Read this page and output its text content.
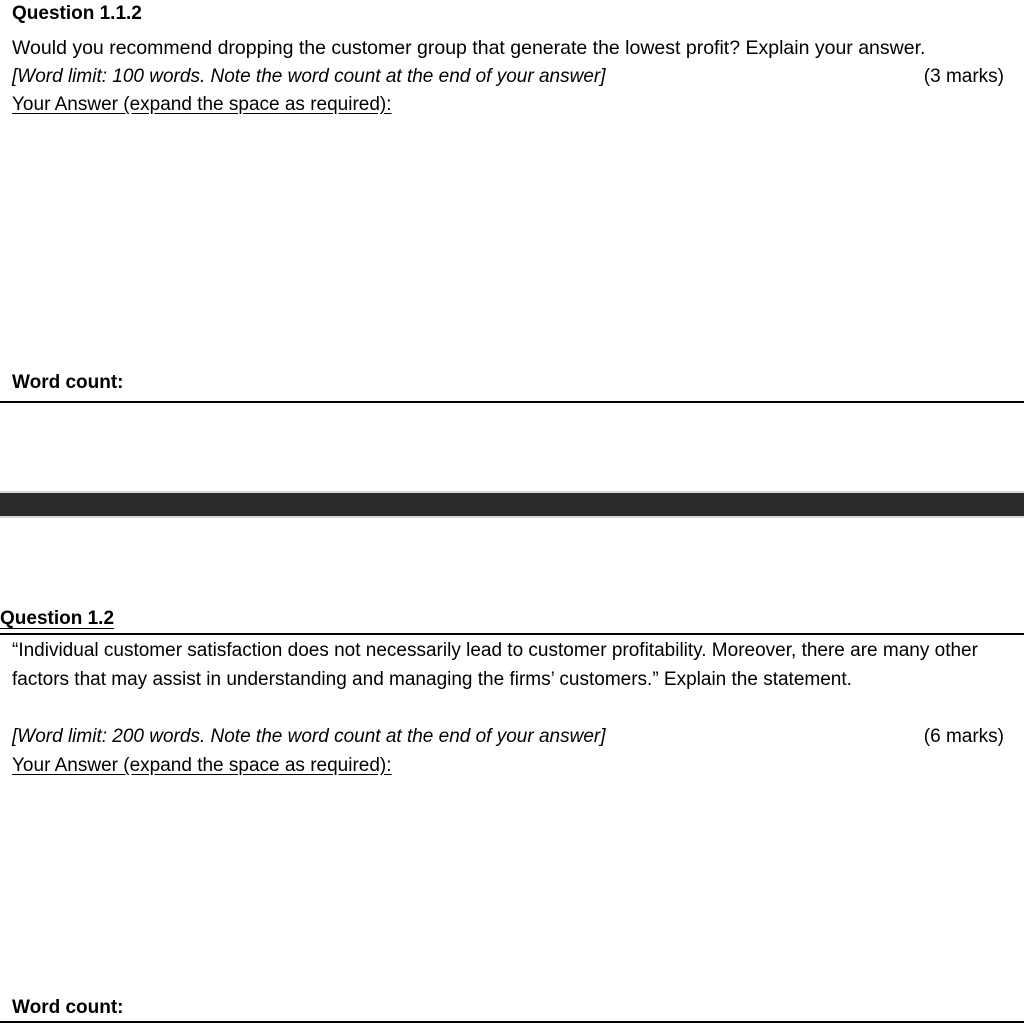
Question 1.1.2
Would you recommend dropping the customer group that generate the lowest profit? Explain your answer.
[Word limit: 100 words. Note the word count at the end of your answer]	(3 marks)
Your Answer (expand the space as required):
Word count:
Question 1.2
“Individual customer satisfaction does not necessarily lead to customer profitability. Moreover, there are many other factors that may assist in understanding and managing the firms’ customers.” Explain the statement.
[Word limit: 200 words. Note the word count at the end of your answer]	(6 marks)
Your Answer (expand the space as required):
Word count:
